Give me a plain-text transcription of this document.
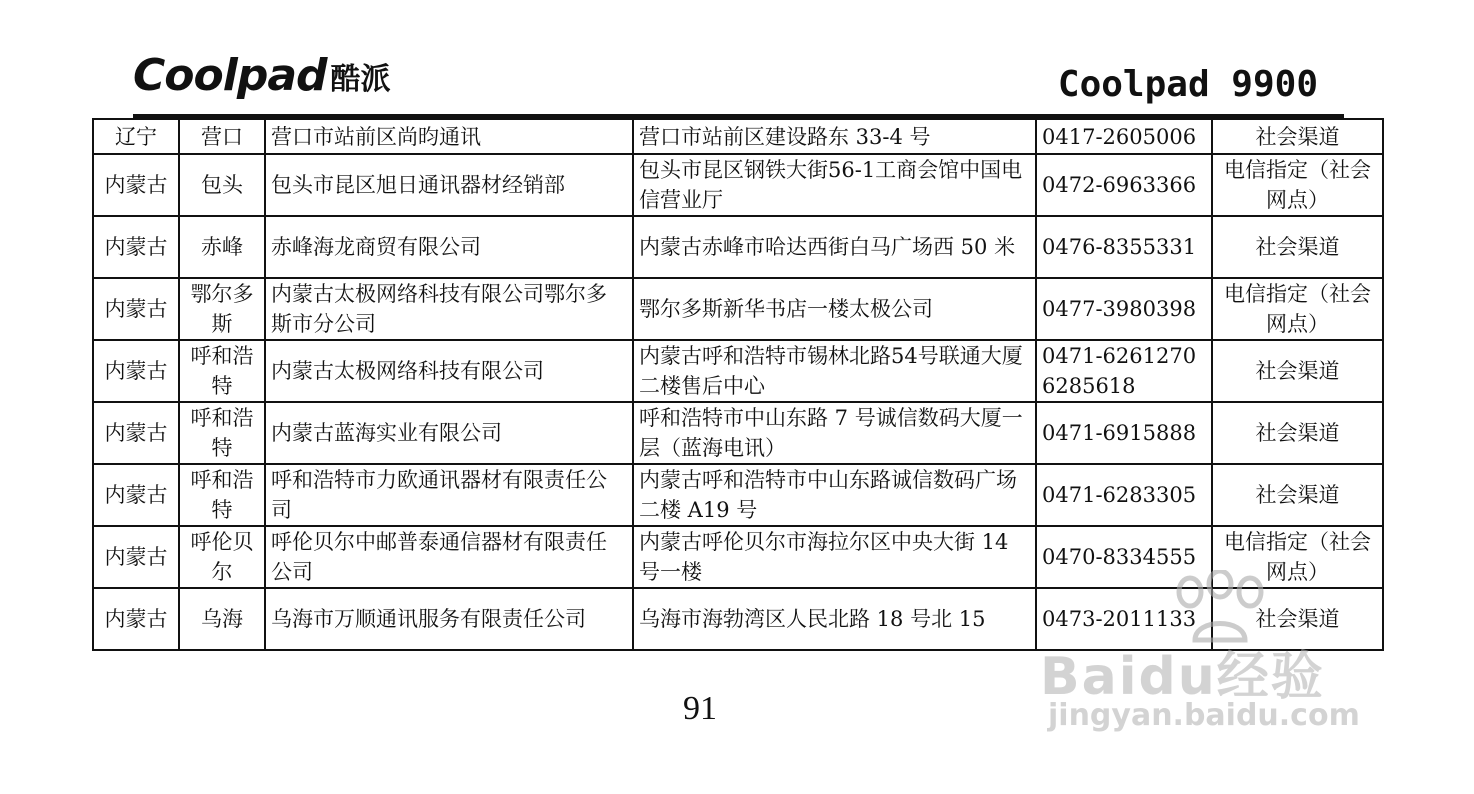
Coolpad 酷派	Coolpad 9900
辽宁	营口	营口市站前区尚昀通讯	营口市站前区建设路东 33-4 号	0417-2605006	社会渠道
内蒙古	包头	包头市昆区旭日通讯器材经销部	包头市昆区钢铁大街56-1工商会馆中国电信营业厅	0472-6963366	电信指定（社会网点）
内蒙古	赤峰	赤峰海龙商贸有限公司	内蒙古赤峰市哈达西街白马广场西 50 米	0476-8355331	社会渠道
内蒙古	鄂尔多斯	内蒙古太极网络科技有限公司鄂尔多斯市分公司	鄂尔多斯新华书店一楼太极公司	0477-3980398	电信指定（社会网点）
内蒙古	呼和浩特	内蒙古太极网络科技有限公司	内蒙古呼和浩特市锡林北路54号联通大厦二楼售后中心	0471-6261270 6285618	社会渠道
内蒙古	呼和浩特	内蒙古蓝海实业有限公司	呼和浩特市中山东路 7 号诚信数码大厦一层（蓝海电讯）	0471-6915888	社会渠道
内蒙古	呼和浩特	呼和浩特市力欧通讯器材有限责任公司	内蒙古呼和浩特市中山东路诚信数码广场二楼 A19 号	0471-6283305	社会渠道
内蒙古	呼伦贝尔	呼伦贝尔中邮普泰通信器材有限责任公司	内蒙古呼伦贝尔市海拉尔区中央大街 14 号一楼	0470-8334555	电信指定（社会网点）
内蒙古	乌海	乌海市万顺通讯服务有限责任公司	乌海市海勃湾区人民北路 18 号北 15	0473-2011133	社会渠道
91
Baidu经验
jingyan.baidu.com
